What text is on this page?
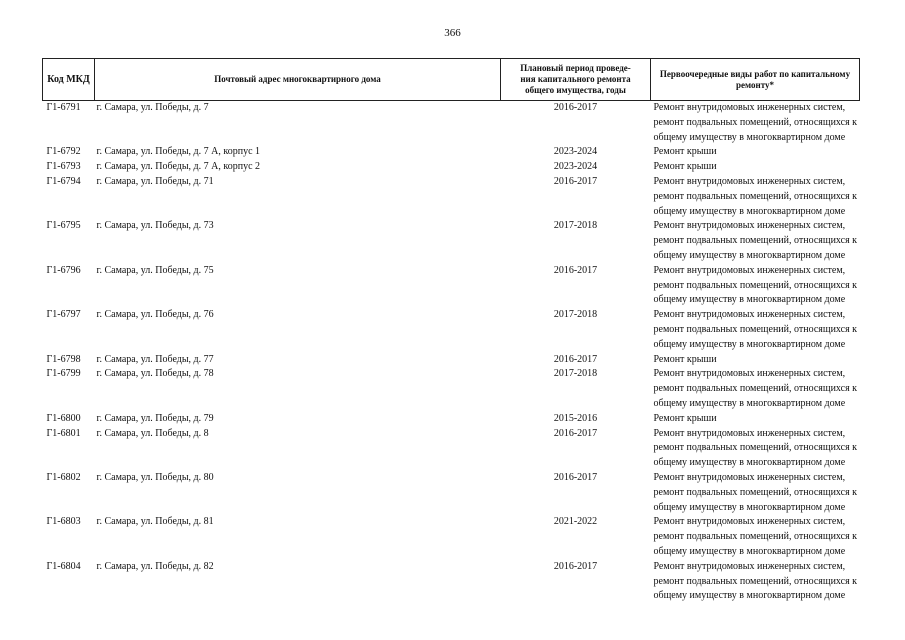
366
Код МКД	Почтовый адрес многоквартирного дома	Плановый период проведе-
ния капитального ремонта
общего имущества, годы	Первоочередные виды работ по капитальному
ремонту*
Г1-6791	г. Самара, ул. Победы, д. 7	2016-2017	Ремонт внутридомовых инженерных систем,
ремонт подвальных помещений, относящихся к
общему имуществу в многоквартирном доме

Г1-6792	г. Самара, ул. Победы, д. 7 А, корпус 1	2023-2024	Ремонт крыши

Г1-6793	г. Самара, ул. Победы, д. 7 А, корпус 2	2023-2024	Ремонт крыши

Г1-6794	г. Самара, ул. Победы, д. 71	2016-2017	Ремонт внутридомовых инженерных систем,
ремонт подвальных помещений, относящихся к
общему имуществу в многоквартирном доме

Г1-6795	г. Самара, ул. Победы, д. 73	2017-2018	Ремонт внутридомовых инженерных систем,
ремонт подвальных помещений, относящихся к
общему имуществу в многоквартирном доме

Г1-6796	г. Самара, ул. Победы, д. 75	2016-2017	Ремонт внутридомовых инженерных систем,
ремонт подвальных помещений, относящихся к
общему имуществу в многоквартирном доме

Г1-6797	г. Самара, ул. Победы, д. 76	2017-2018	Ремонт внутридомовых инженерных систем,
ремонт подвальных помещений, относящихся к
общему имуществу в многоквартирном доме

Г1-6798	г. Самара, ул. Победы, д. 77	2016-2017	Ремонт крыши

Г1-6799	г. Самара, ул. Победы, д. 78	2017-2018	Ремонт внутридомовых инженерных систем,
ремонт подвальных помещений, относящихся к
общему имуществу в многоквартирном доме

Г1-6800	г. Самара, ул. Победы, д. 79	2015-2016	Ремонт крыши

Г1-6801	г. Самара, ул. Победы, д. 8	2016-2017	Ремонт внутридомовых инженерных систем,
ремонт подвальных помещений, относящихся к
общему имуществу в многоквартирном доме

Г1-6802	г. Самара, ул. Победы, д. 80	2016-2017	Ремонт внутридомовых инженерных систем,
ремонт подвальных помещений, относящихся к
общему имуществу в многоквартирном доме

Г1-6803	г. Самара, ул. Победы, д. 81	2021-2022	Ремонт внутридомовых инженерных систем,
ремонт подвальных помещений, относящихся к
общему имуществу в многоквартирном доме

Г1-6804	г. Самара, ул. Победы, д. 82	2016-2017	Ремонт внутридомовых инженерных систем,
ремонт подвальных помещений, относящихся к
общему имуществу в многоквартирном доме
